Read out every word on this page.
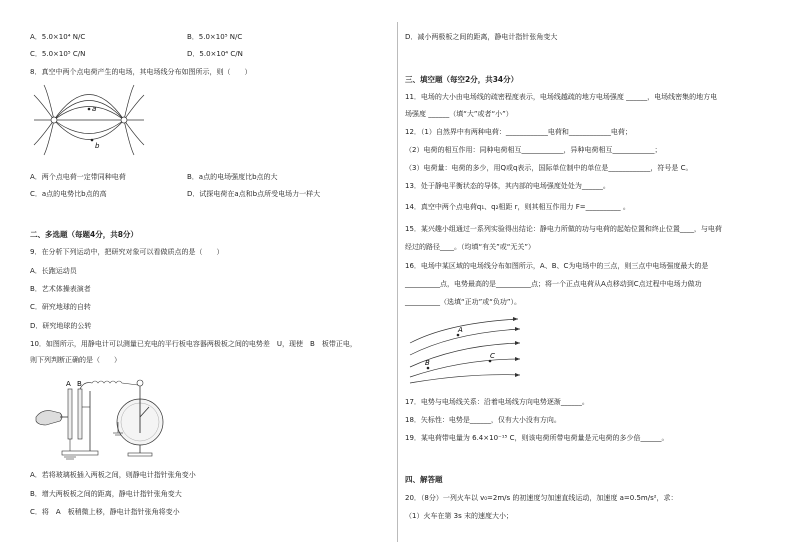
A．5.0×10⁴ N/C	B．5.0×10⁵ N/C
C．5.0×10⁵ C/N	D．5.0×10⁴ C/N
8．真空中两个点电荷产生的电场，其电场线分布如图所示，则（　　）
a
b
A．两个点电荷一定带同种电荷	B．a点的电场强度比b点的大
C．a点的电势比b点的高	D．试探电荷在a点和b点所受电场力一样大
二、多选题（每题4分，共8分）
9．在分析下列运动中，把研究对象可以看做质点的是（　　）
A．长跑运动员
B．艺术体操表演者
C．研究地球的自转
D．研究地球的公转
10．如图所示，用静电计可以测量已充电的平行板电容器两极板之间的电势差　U，现使　B　板带正电，
则下列判断正确的是（　　）
A B
A．若将玻璃板插入两板之间，则静电计指针张角变小
B．增大两板板之间的距离，静电计指针张角变大
C．将　A　板稍微上移，静电计指针张角将变小
D．减小两极板之间的距离，静电计指针张角变大
三、填空题（每空2分，共34分）
11．电场的大小由电场线的疏密程度表示，电场线越疏的地方电场强度 ______，电场线密集的地方电
场强度 ______（填“大”或者“小”）
12．（1）自然界中有两种电荷：____________电荷和____________电荷；
（2）电荷的相互作用：同种电荷相互____________，异种电荷相互____________；
（3）电荷量：电荷的多少，用Q或q表示，国际单位制中的单位是____________，符号是 C。
13．处于静电平衡状态的导体，其内部的电场强度处处为______。
14．真空中两个点电荷q₁、q₂相距 r，则其相互作用力 F=__________ 。
15．某兴趣小组通过一系列实验得出结论：静电力所做的功与电荷的起始位置和终止位置____，与电荷
经过的路径____。（均填“有关”或“无关”）
16．电场中某区域的电场线分布如图所示，A、B、C为电场中的三点，则三点中电场强度最大的是
__________点，电势最高的是__________点；将一个正点电荷从A点移动到C点过程中电场力做功
__________（选填“正功”或“负功”）。
A
B
C
17．电势与电场线关系：沿着电场线方向电势逐渐______。
18．矢标性：电势是______，仅有大小没有方向。
19．某电荷带电量为 6.4×10⁻¹⁵ C，则该电荷所带电荷量是元电荷的多少倍______。
四、解答题
20．（8分）一列火车以 v₀=2m/s 的初速度匀加速直线运动，加速度 a=0.5m/s²，求：
（1）火车在第 3s 末的速度大小；
